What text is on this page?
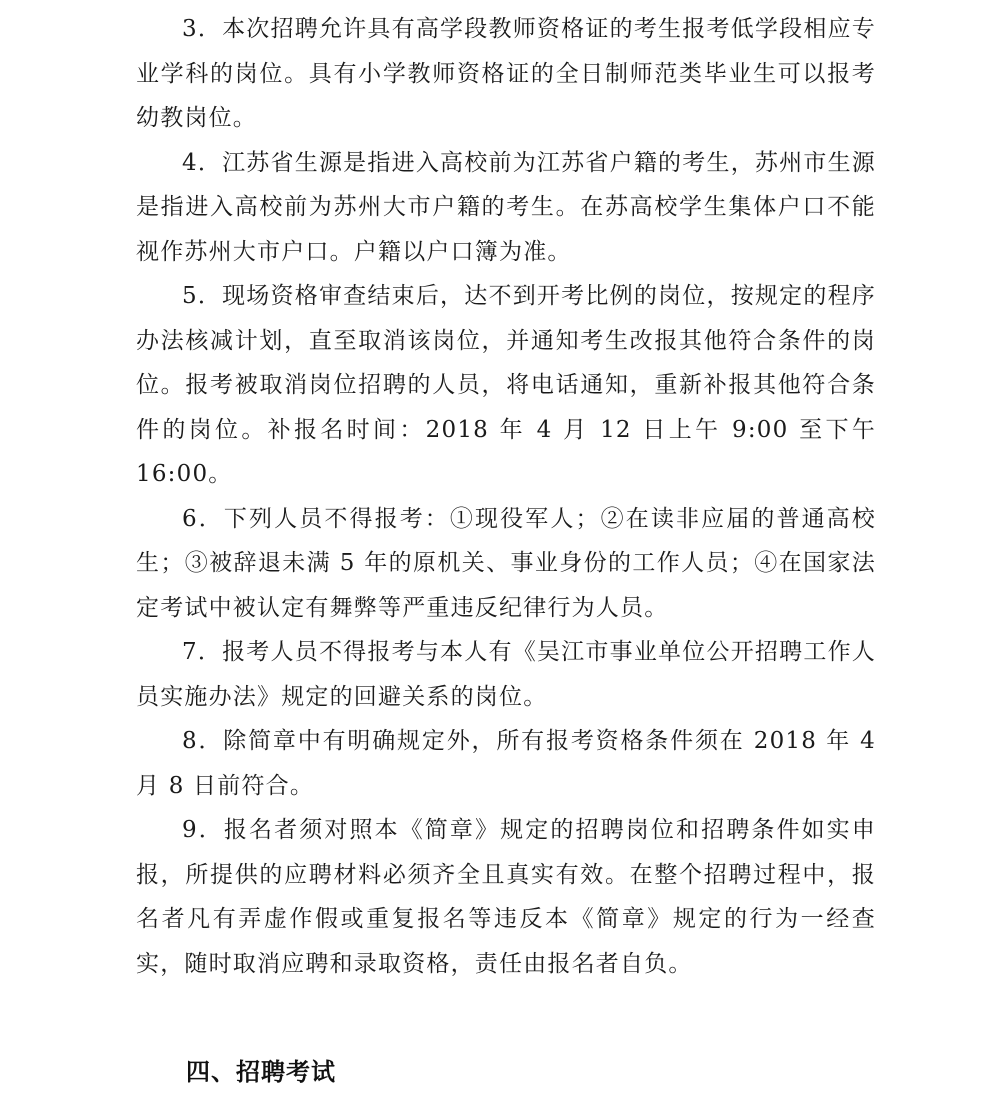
3．本次招聘允许具有高学段教师资格证的考生报考低学段相应专业学科的岗位。具有小学教师资格证的全日制师范类毕业生可以报考幼教岗位。

4．江苏省生源是指进入高校前为江苏省户籍的考生，苏州市生源是指进入高校前为苏州大市户籍的考生。在苏高校学生集体户口不能视作苏州大市户口。户籍以户口簿为准。

5．现场资格审查结束后，达不到开考比例的岗位，按规定的程序办法核减计划，直至取消该岗位，并通知考生改报其他符合条件的岗位。报考被取消岗位招聘的人员，将电话通知，重新补报其他符合条件的岗位。补报名时间：2018 年 4 月 12 日上午 9:00 至下午 16:00。

6．下列人员不得报考：①现役军人；②在读非应届的普通高校生；③被辞退未满 5 年的原机关、事业身份的工作人员；④在国家法定考试中被认定有舞弊等严重违反纪律行为人员。

7．报考人员不得报考与本人有《吴江市事业单位公开招聘工作人员实施办法》规定的回避关系的岗位。

8．除简章中有明确规定外，所有报考资格条件须在 2018 年 4 月 8 日前符合。

9．报名者须对照本《简章》规定的招聘岗位和招聘条件如实申报，所提供的应聘材料必须齐全且真实有效。在整个招聘过程中，报名者凡有弄虚作假或重复报名等违反本《简章》规定的行为一经查实，随时取消应聘和录取资格，责任由报名者自负。

四、招聘考试
